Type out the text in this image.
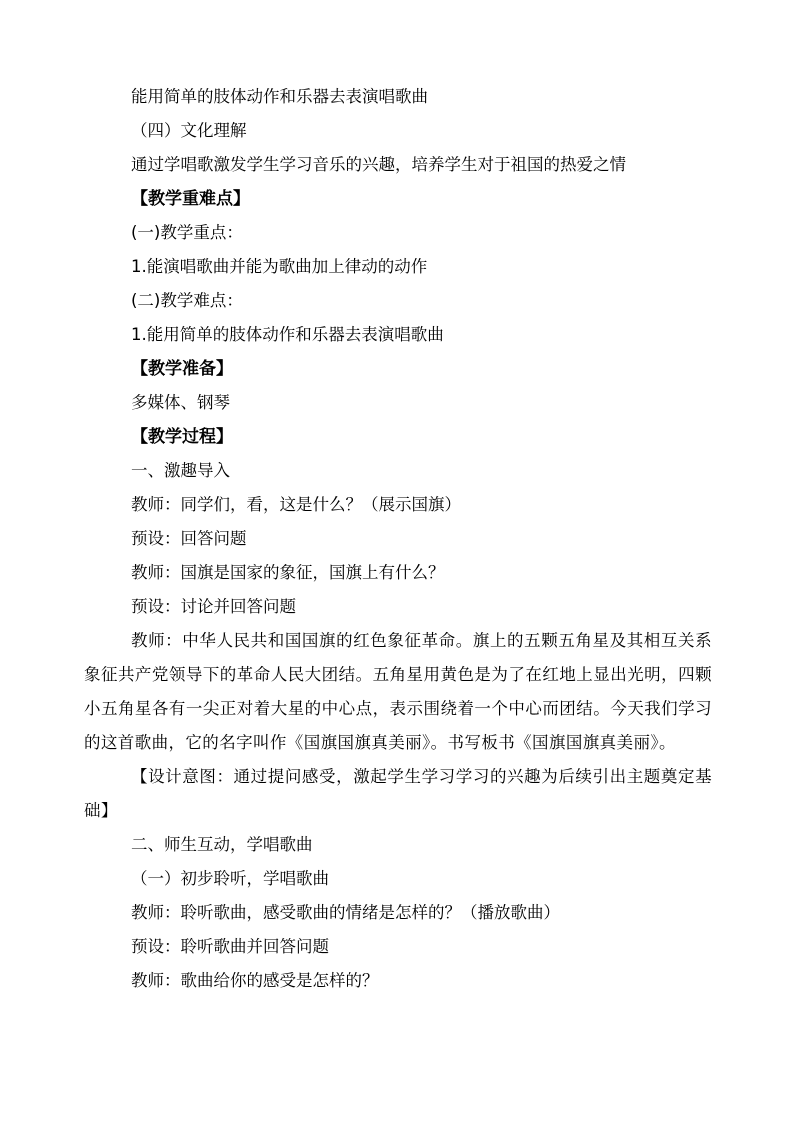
能用简单的肢体动作和乐器去表演唱歌曲

（四）文化理解

通过学唱歌激发学生学习音乐的兴趣，培养学生对于祖国的热爱之情

【教学重难点】

(一)教学重点：

1.能演唱歌曲并能为歌曲加上律动的动作

(二)教学难点：

1.能用简单的肢体动作和乐器去表演唱歌曲

【教学准备】

多媒体、钢琴

【教学过程】

一、激趣导入

教师：同学们，看，这是什么？（展示国旗）

预设：回答问题

教师：国旗是国家的象征，国旗上有什么？

预设：讨论并回答问题

教师：中华人民共和国国旗的红色象征革命。旗上的五颗五角星及其相互关系象征共产党领导下的革命人民大团结。五角星用黄色是为了在红地上显出光明，四颗小五角星各有一尖正对着大星的中心点，表示围绕着一个中心而团结。今天我们学习的这首歌曲，它的名字叫作《国旗国旗真美丽》。书写板书《国旗国旗真美丽》。

【设计意图：通过提问感受，激起学生学习学习的兴趣为后续引出主题奠定基础】

二、师生互动，学唱歌曲

（一）初步聆听，学唱歌曲

教师：聆听歌曲，感受歌曲的情绪是怎样的？（播放歌曲）

预设：聆听歌曲并回答问题

教师：歌曲给你的感受是怎样的？
